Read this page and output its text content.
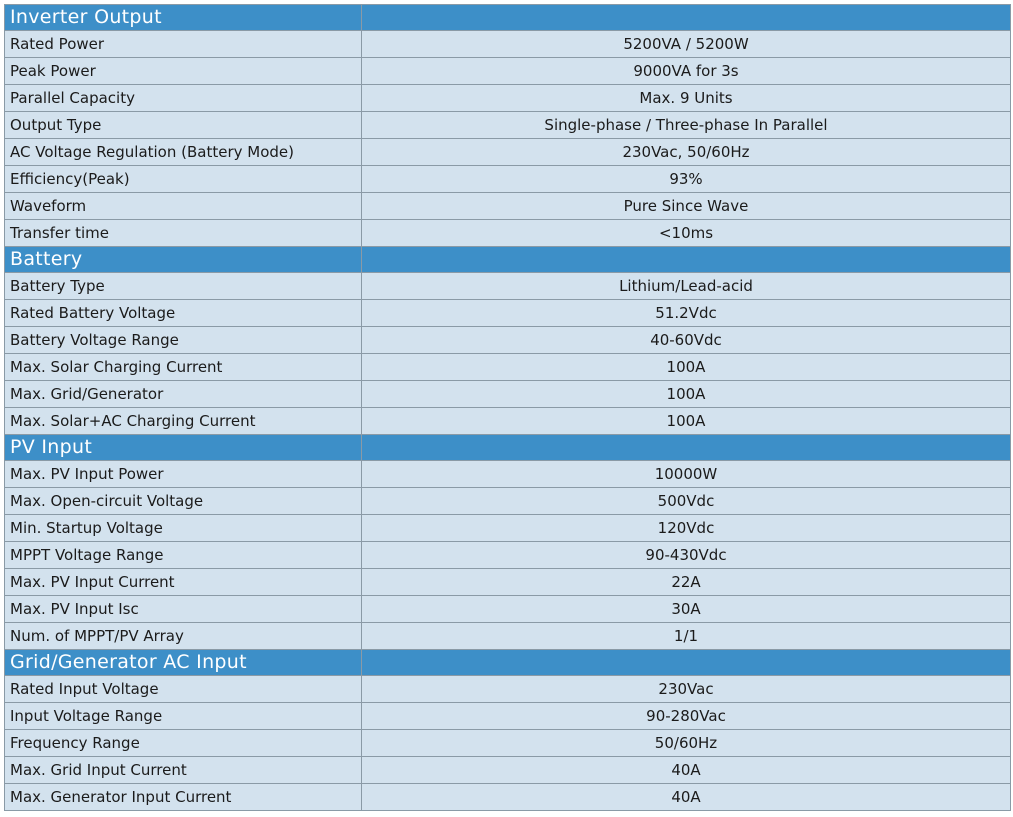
Inverter Output	
Rated Power	5200VA / 5200W
Peak Power	9000VA for 3s
Parallel Capacity	Max. 9 Units
Output Type	Single-phase / Three-phase In Parallel
AC Voltage Regulation (Battery Mode)	230Vac, 50/60Hz
Efficiency(Peak)	93%
Waveform	Pure Since Wave
Transfer time	<10ms
Battery	
Battery Type	Lithium/Lead-acid
Rated Battery Voltage	51.2Vdc
Battery Voltage Range	40-60Vdc
Max. Solar Charging Current	100A
Max. Grid/Generator	100A
Max. Solar+AC Charging Current	100A
PV Input	
Max. PV Input Power	10000W
Max. Open-circuit Voltage	500Vdc
Min. Startup Voltage	120Vdc
MPPT Voltage Range	90-430Vdc
Max. PV Input Current	22A
Max. PV Input Isc	30A
Num. of MPPT/PV Array	1/1
Grid/Generator AC Input	
Rated Input Voltage	230Vac
Input Voltage Range	90-280Vac
Frequency Range	50/60Hz
Max. Grid Input Current	40A
Max. Generator Input Current	40A
